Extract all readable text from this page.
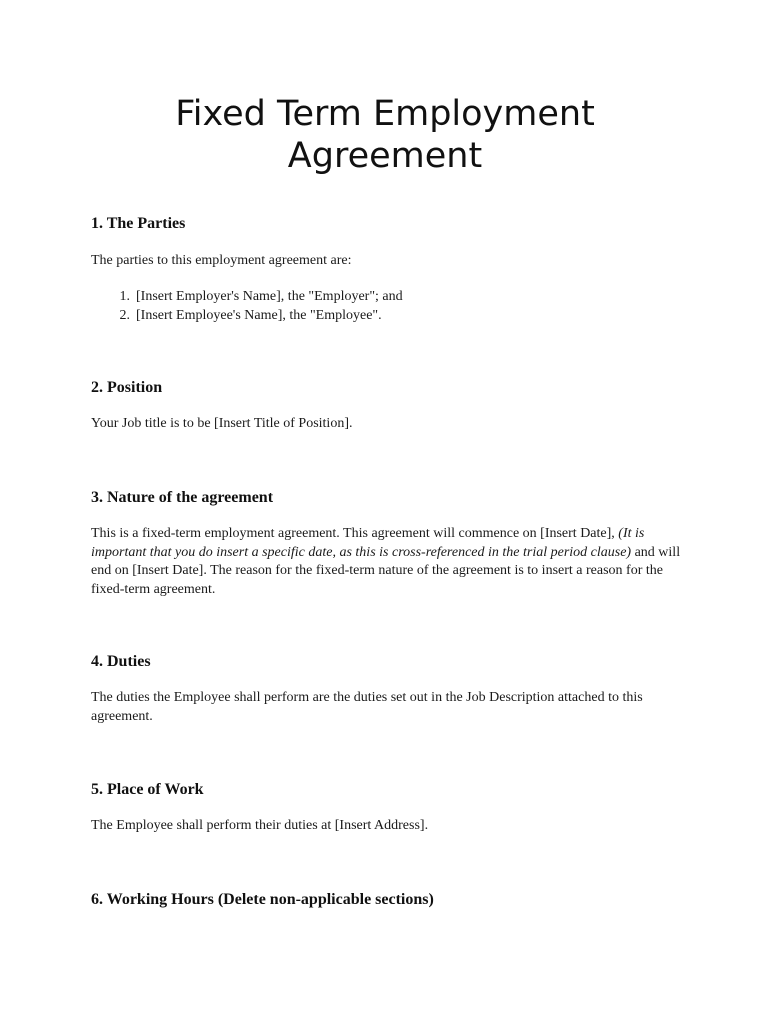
Fixed Term Employment
Agreement
1. The Parties

The parties to this employment agreement are:

1. [Insert Employer's Name], the "Employer"; and
2. [Insert Employee's Name], the "Employee".
2. Position

Your Job title is to be [Insert Title of Position].

3. Nature of the agreement

This is a fixed-term employment agreement. This agreement will commence on [Insert Date], (It is important that you do insert a specific date, as this is cross-referenced in the trial period clause) and will end on [Insert Date]. The reason for the fixed-term nature of the agreement is to insert a reason for the fixed-term agreement.

4. Duties

The duties the Employee shall perform are the duties set out in the Job Description attached to this agreement.

5. Place of Work

The Employee shall perform their duties at [Insert Address].

6. Working Hours (Delete non-applicable sections)
